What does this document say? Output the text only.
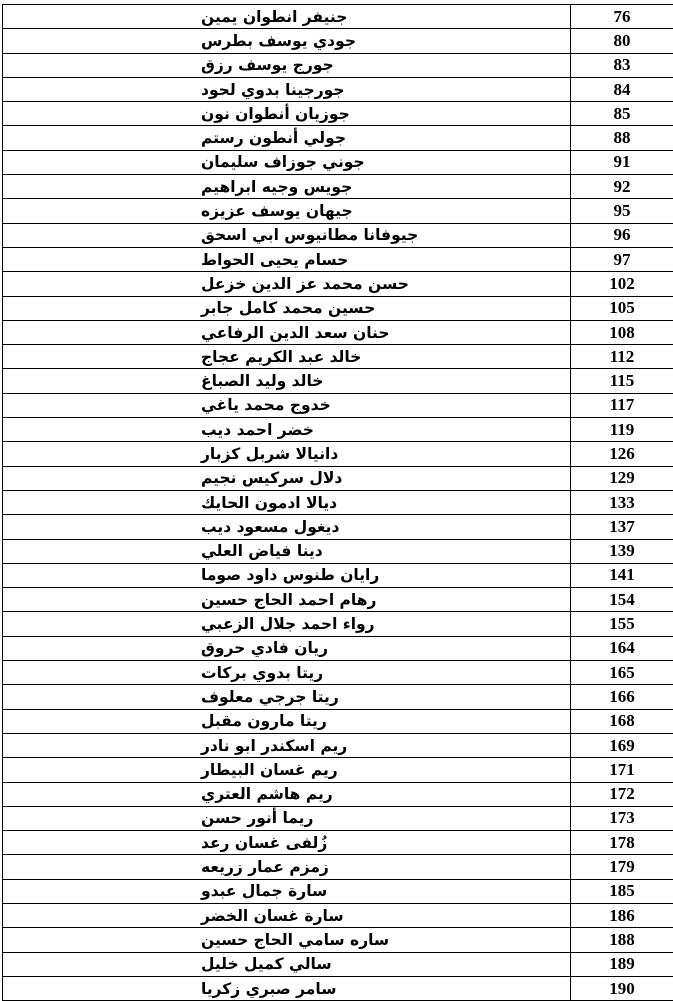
جنيفر انطوان يمين	76
جودي يوسف بطرس	80
جورج يوسف رزق	83
جورجينا بدوي لحود	84
جوزيان أنطوان نون	85
جولي أنطون رستم	88
جوني جوزاف سليمان	91
جويس وجيه ابراهيم	92
جيهان يوسف عزيزه	95
جيوفانا مطانيوس ابي اسحق	96
حسام يحيى الحواط	97
حسن محمد عز الدين خزعل	102
حسين محمد كامل جابر	105
حنان سعد الدين الرفاعي	108
خالد عبد الكريم عجاج	112
خالد وليد الصباغ	115
خدوج محمد ياغي	117
خضر احمد ديب	119
دانيالا شربل كزبار	126
دلال سركيس نجيم	129
ديالا ادمون الحايك	133
ديغول مسعود ديب	137
دينا فياض العلي	139
رايان طنوس داود صوما	141
رهام احمد الحاج حسين	154
رواء احمد جلال الزعبي	155
ريان فادي حروق	164
ريتا بدوي بركات	165
ريتا جرجي معلوف	166
ريتا مارون مقبل	168
ريم اسكندر ابو نادر	169
ريم غسان البيطار	171
ريم هاشم العتري	172
ريما أنور حسن	173
زُلفى غسان رعد	178
زمزم عمار زريعه	179
سارة جمال عبدو	185
سارة غسان الخضر	186
ساره سامي الحاج حسين	188
سالي كميل خليل	189
سامر صبري زكريا	190
